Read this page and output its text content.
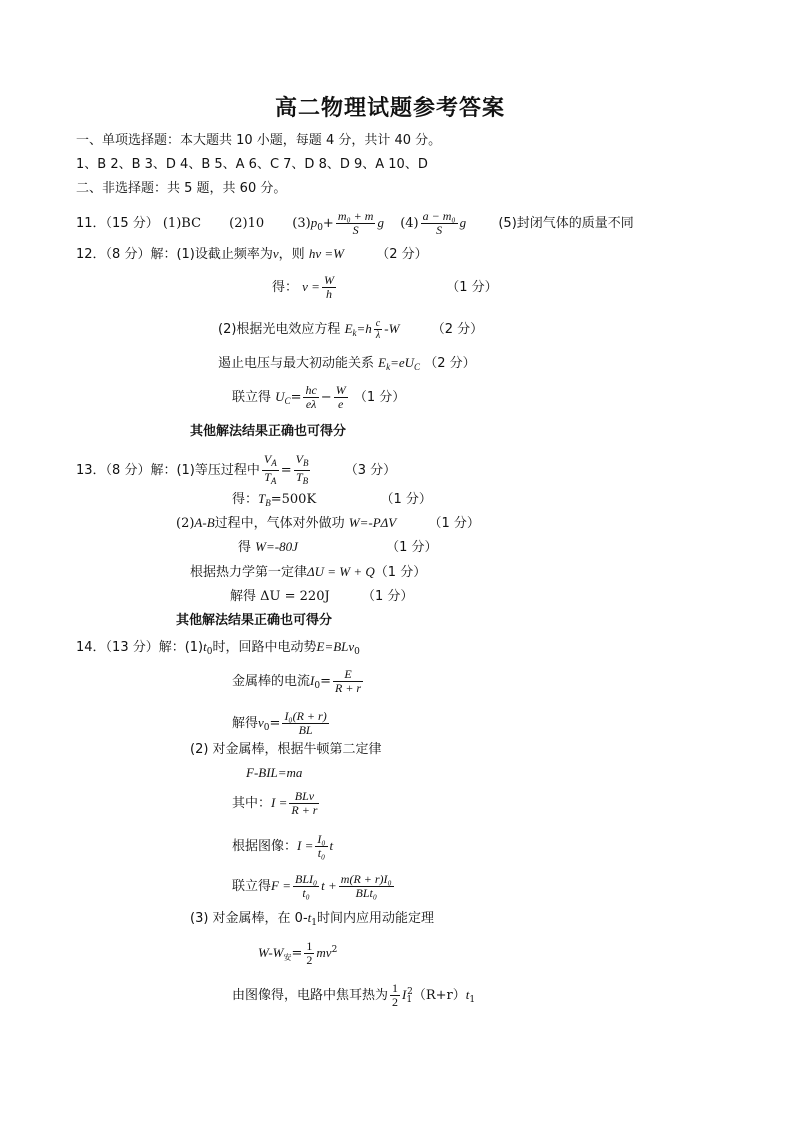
高二物理试题参考答案
一、单项选择题：本大题共 10 小题，每题 4 分，共计 40 分。
1、B 2、B 3、D 4、B 5、A 6、C 7、D 8、D 9、A 10、D
二、非选择题：共 5 题，共 60 分。
11．（15 分） (1)BC (2)10 $(3)p_0+ \frac{\text{m₀ + m}}{S}$ g $(4) \frac{\text{a − m₀}}{S}$ g (5)封闭气体的质量不同
12．（8 分）解：(1)设截止频率为ν，则 hν =W （2 分）
得： $\nu = \frac{W}{h}$	（1 分）
(2)根据光电效应方程 $E_k=h \frac{c}{\lambda} -W$ （2 分）
遏止电压与最大初动能关系 $E_k=eU_C$ （2 分）
联立得 $U_C= \frac{hc}{e\lambda} - \frac{W}{e} (1$ 分）
其他解法结果正确也可得分
13．（8 分）解：(1)等压过程中 $\frac{V_A}{T_A} = \frac{V_B}{T_B}$	（3 分）
得：$T_B=500K$	（1 分）
(2)A-B过程中，气体对外做功 W=-PΔV （1 分）
得 W=-80J	（1 分）
根据热力学第一定律ΔU = W + Q（1 分）
解得 ΔU = 220J （1 分）
其他解法结果正确也可得分
14．（13 分）解：$(1)t_0$时，回路中电动势E=BLv$_0$
金属棒的电流$I_0= \frac{E}{R + r}$
解得$v_0= \frac{\text{I₀(R + r)}}{BL}$
(2) 对金属棒，根据牛顿第二定律
F-BIL=ma
其中：$I = \frac{\text{BLv}}{R + r}$
根据图像：$I = \frac{\text{I₀}}{\text{t₀}}$ t
联立得$F = \frac{\text{BLI₀}}{\text{t₀}}$ $t + \frac{\text{m(R + r)I₀}}{\text{BLt₀}}$
(3) 对金属棒，在 $0-t_1$时间内应用动能定理
$W-W_安= \frac{1}{2} mv^2$
由图像得，电路中焦耳热为 $\frac{1}{2} I_1^2(R+r)t_1$
